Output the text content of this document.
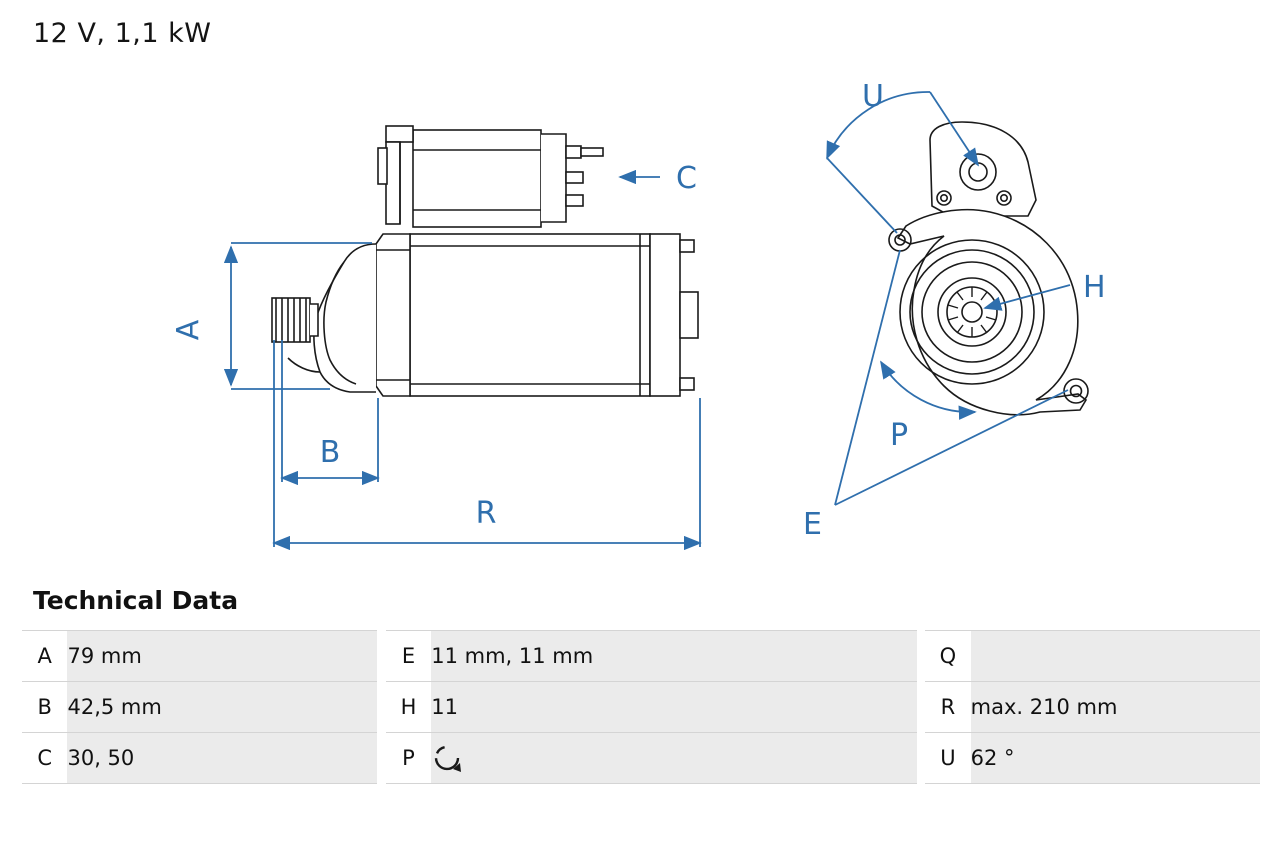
12 V, 1,1 kW
A
B
C
R
U
H
P
E
Technical Data
A	79 mm		E	11 mm, 11 mm		Q	
B	42,5 mm		H	11		R	max. 210 mm
C	30, 50		P			U	62 °
